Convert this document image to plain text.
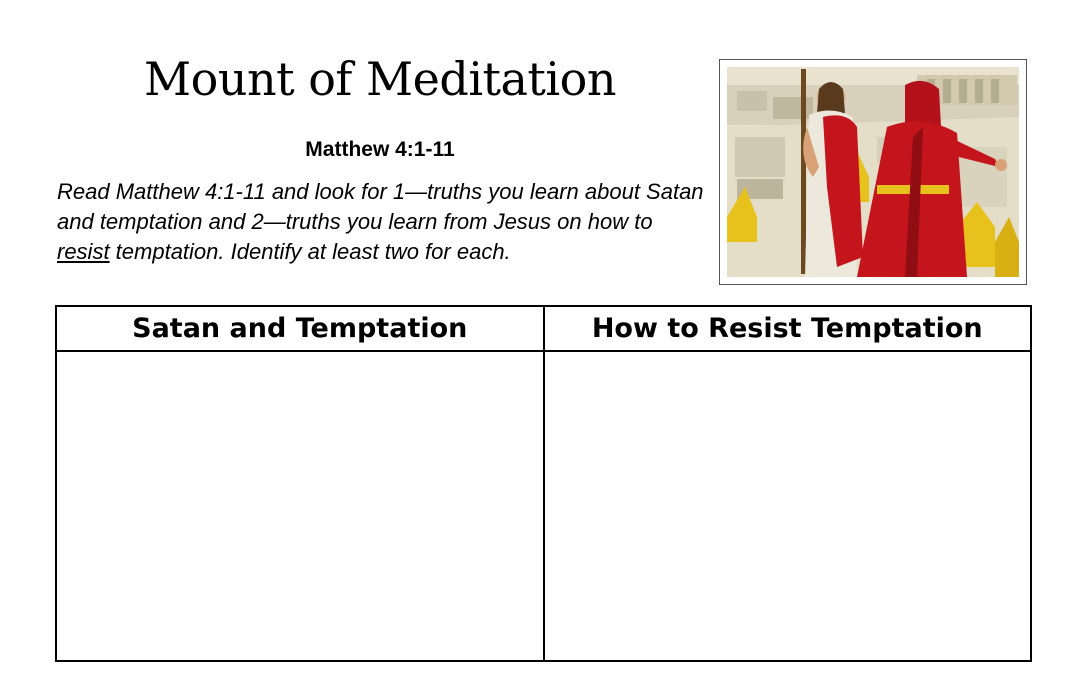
Mount of Meditation

Matthew 4:1-11

Read Matthew 4:1-11 and look for 1—truths you learn about Satan and temptation and 2—truths you learn from Jesus on how to resist temptation. Identify at least two for each.

Satan and Temptation	How to Resist Temptation
